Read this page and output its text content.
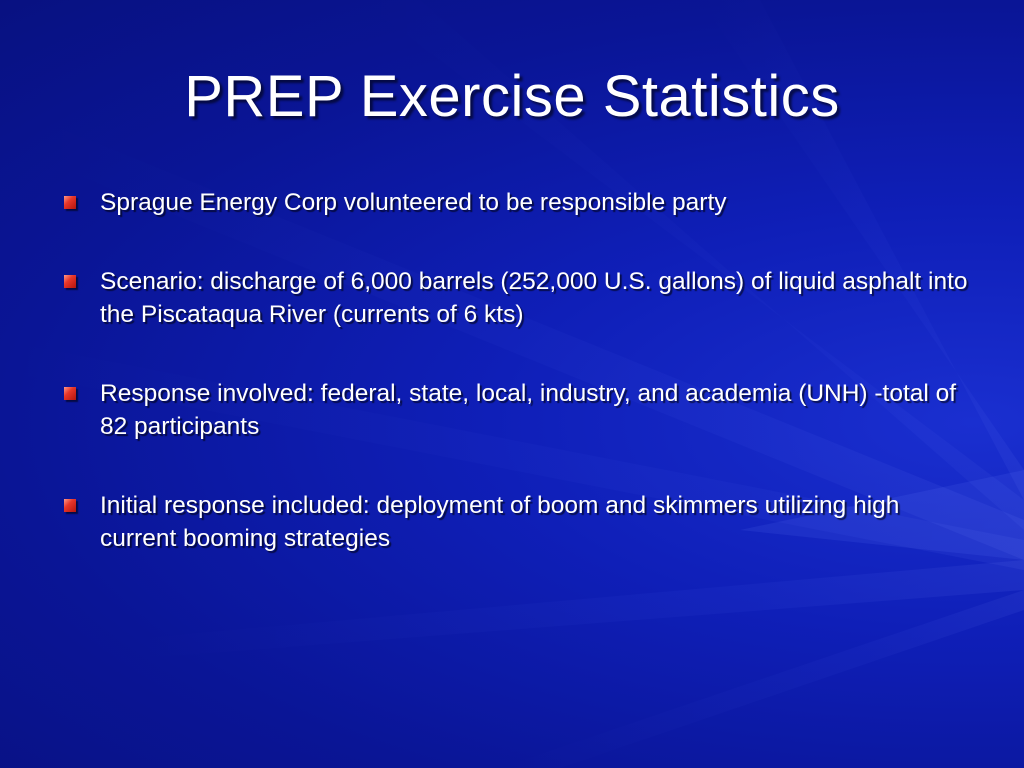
PREP Exercise Statistics
Sprague Energy Corp volunteered to be responsible party
Scenario: discharge of 6,000 barrels (252,000 U.S. gallons) of liquid asphalt into the Piscataqua River (currents of 6 kts)
Response involved: federal, state, local, industry, and academia (UNH) -total of 82 participants
Initial response included: deployment of boom and skimmers utilizing high current booming strategies
